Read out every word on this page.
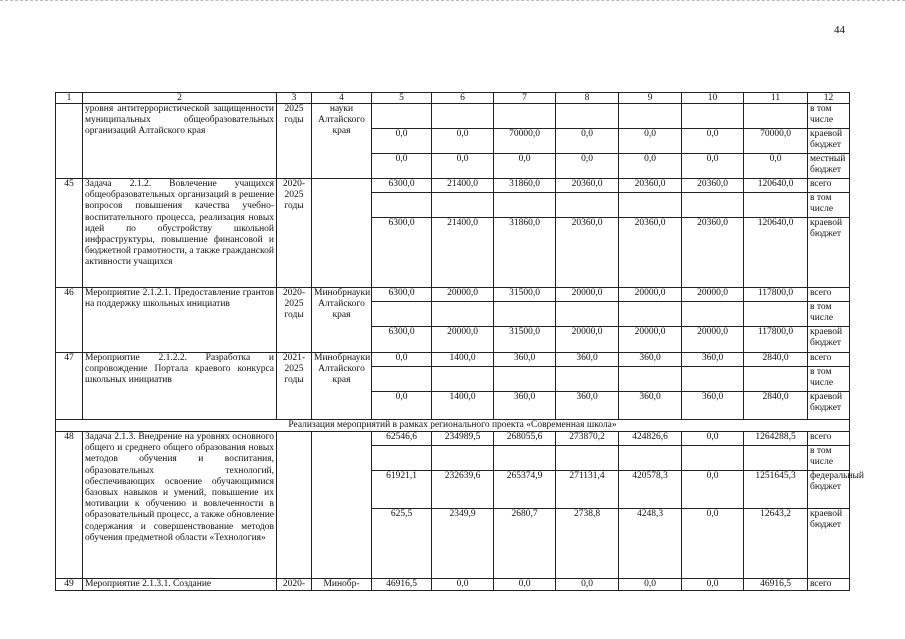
44
1	2	3	4	5	6	7	8	9	10	11	12
	уровня антитеррористической защищенности муниципальных общеобразовательных организаций Алтайского края	2025 годы	науки Алтайского края								в том числе
				0,0	0,0	70000,0	0,0	0,0	0,0	70000,0	краевой бюджет
				0,0	0,0	0,0	0,0	0,0	0,0	0,0	местный бюджет
45	Задача 2.1.2. Вовлечение учащихся общеобразовательных организаций в решение вопросов повышения качества учебно-воспитательного процесса, реализация новых идей по обустройству школьной инфраструктуры, повышение финансовой и бюджетной грамотности, а также гражданской активности учащихся	2020-2025 годы		6300,0	21400,0	31860,0	20360,0	20360,0	20360,0	120640,0	всего
											в том числе
				6300,0	21400,0	31860,0	20360,0	20360,0	20360,0	120640,0	краевой бюджет
46	Мероприятие 2.1.2.1. Предоставление грантов на поддержку школьных инициатив	2020-2025 годы	Минобрнауки Алтайского края	6300,0	20000,0	31500,0	20000,0	20000,0	20000,0	117800,0	всего
											в том числе
				6300,0	20000,0	31500,0	20000,0	20000,0	20000,0	117800,0	краевой бюджет
47	Мероприятие 2.1.2.2. Разработка и сопровождение Портала краевого конкурса школьных инициатив	2021-2025 годы	Минобрнауки Алтайского края	0,0	1400,0	360,0	360,0	360,0	360,0	2840,0	всего
											в том числе
				0,0	1400,0	360,0	360,0	360,0	360,0	2840,0	краевой бюджет
Реализация мероприятий в рамках регионального проекта «Современная школа»											
48	Задача 2.1.3. Внедрение на уровнях основного общего и среднего общего образования новых методов обучения и воспитания, образовательных технологий, обеспечивающих освоение обучающимися базовых навыков и умений, повышение их мотивации к обучению и вовлеченности в образовательный процесс, а также обновление содержания и совершенствование методов обучения предметной области «Технология»			62546,6	234989,5	268055,6	273870,2	424826,6	0,0	1264288,5	всего
											в том числе
				61921,1	232639,6	265374,9	271131,4	420578,3	0,0	1251645,3	федеральный бюджет
				625,5	2349,9	2680,7	2738,8	4248,3	0,0	12643,2	краевой бюджет
49	Мероприятие 2.1.3.1. Создание	2020-	Минобр-	46916,5	0,0	0,0	0,0	0,0	0,0	46916,5	всего
